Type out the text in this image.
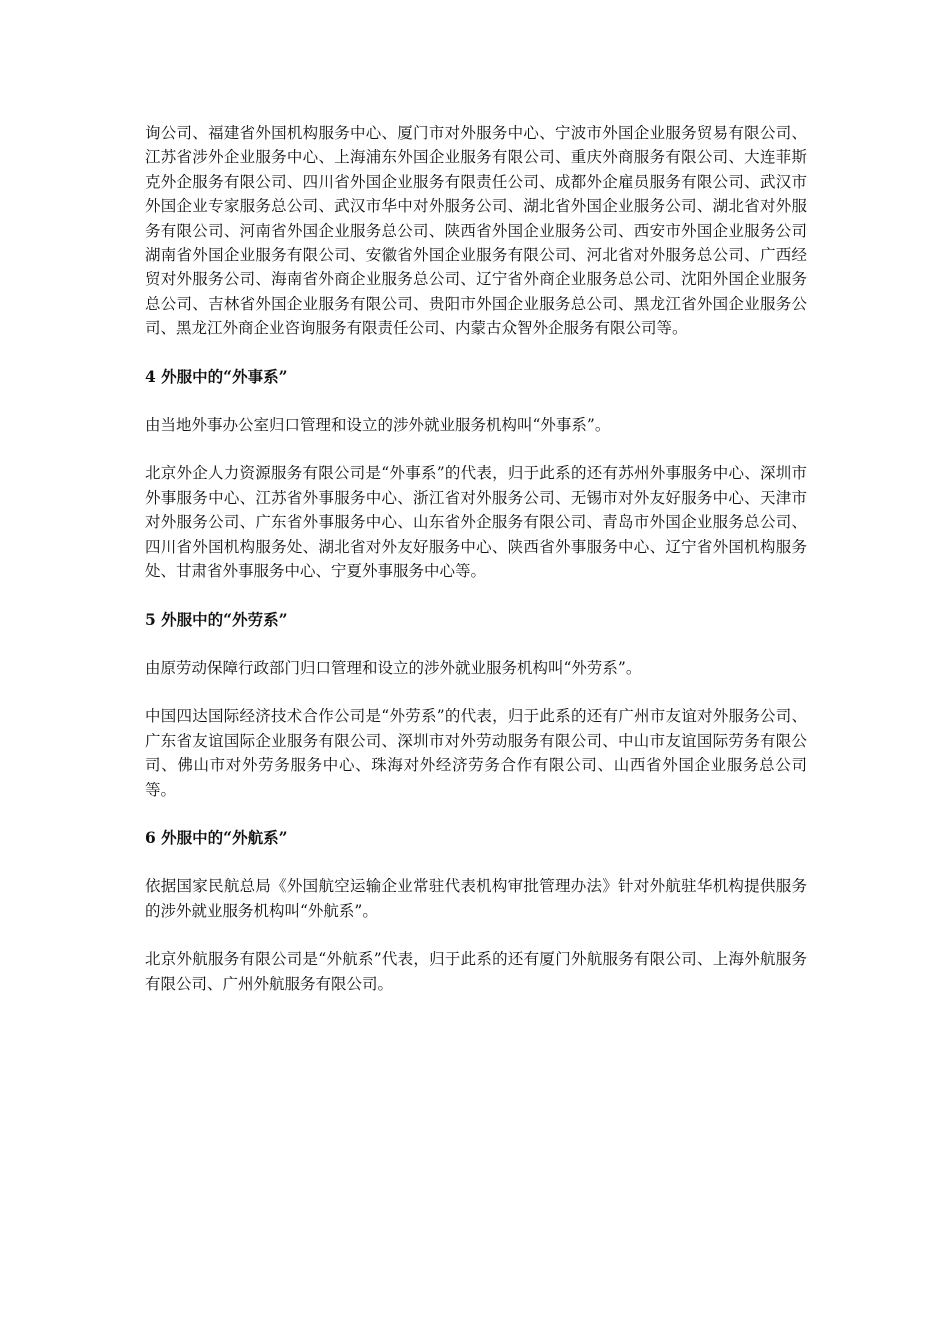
询公司、福建省外国机构服务中心、厦门市对外服务中心、宁波市外国企业服务贸易有限公司、江苏省涉外企业服务中心、上海浦东外国企业服务有限公司、重庆外商服务有限公司、大连菲斯克外企服务有限公司、四川省外国企业服务有限责任公司、成都外企雇员服务有限公司、武汉市外国企业专家服务总公司、武汉市华中对外服务公司、湖北省外国企业服务公司、湖北省对外服务有限公司、河南省外国企业服务总公司、陕西省外国企业服务公司、西安市外国企业服务公司湖南省外国企业服务有限公司、安徽省外国企业服务有限公司、河北省对外服务总公司、广西经贸对外服务公司、海南省外商企业服务总公司、辽宁省外商企业服务总公司、沈阳外国企业服务总公司、吉林省外国企业服务有限公司、贵阳市外国企业服务总公司、黑龙江省外国企业服务公司、黑龙江外商企业咨询服务有限责任公司、内蒙古众智外企服务有限公司等。

4 外服中的“外事系”

由当地外事办公室归口管理和设立的涉外就业服务机构叫“外事系”。

北京外企人力资源服务有限公司是“外事系”的代表，归于此系的还有苏州外事服务中心、深圳市外事服务中心、江苏省外事服务中心、浙江省对外服务公司、无锡市对外友好服务中心、天津市对外服务公司、广东省外事服务中心、山东省外企服务有限公司、青岛市外国企业服务总公司、四川省外国机构服务处、湖北省对外友好服务中心、陕西省外事服务中心、辽宁省外国机构服务处、甘肃省外事服务中心、宁夏外事服务中心等。

5 外服中的“外劳系”

由原劳动保障行政部门归口管理和设立的涉外就业服务机构叫“外劳系”。

中国四达国际经济技术合作公司是“外劳系”的代表，归于此系的还有广州市友谊对外服务公司、广东省友谊国际企业服务有限公司、深圳市对外劳动服务有限公司、中山市友谊国际劳务有限公司、佛山市对外劳务服务中心、珠海对外经济劳务合作有限公司、山西省外国企业服务总公司等。

6 外服中的“外航系”

依据国家民航总局《外国航空运输企业常驻代表机构审批管理办法》针对外航驻华机构提供服务的涉外就业服务机构叫“外航系”。

北京外航服务有限公司是“外航系”代表，归于此系的还有厦门外航服务有限公司、上海外航服务有限公司、广州外航服务有限公司。
